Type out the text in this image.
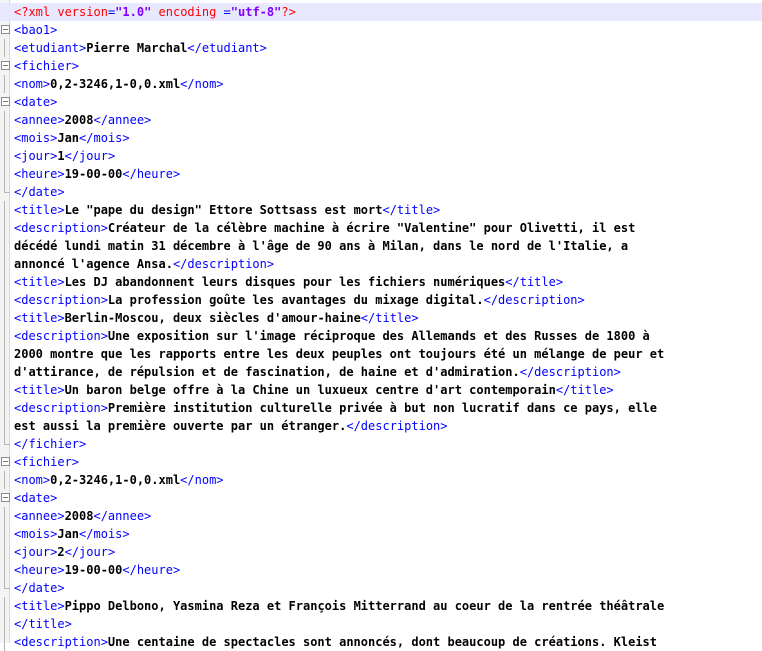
<?xml version="1.0" encoding ="utf-8"?>
− <bao1>
<etudiant>Pierre Marchal</etudiant>
− <fichier>
<nom>0,2-3246,1-0,0.xml</nom>
− <date>
<annee>2008</annee>
<mois>Jan</mois>
<jour>1</jour>
<heure>19-00-00</heure>
</date>
<title>Le "pape du design" Ettore Sottsass est mort</title>
<description>Créateur de la célèbre machine à écrire "Valentine" pour Olivetti, il est
décédé lundi matin 31 décembre à l'âge de 90 ans à Milan, dans le nord de l'Italie, a
annoncé l'agence Ansa.</description>
<title>Les DJ abandonnent leurs disques pour les fichiers numériques</title>
<description>La profession goûte les avantages du mixage digital.</description>
<title>Berlin-Moscou, deux siècles d'amour-haine</title>
<description>Une exposition sur l'image réciproque des Allemands et des Russes de 1800 à
2000 montre que les rapports entre les deux peuples ont toujours été un mélange de peur et
d'attirance, de répulsion et de fascination, de haine et d'admiration.</description>
<title>Un baron belge offre à la Chine un luxueux centre d'art contemporain</title>
<description>Première institution culturelle privée à but non lucratif dans ce pays, elle
est aussi la première ouverte par un étranger.</description>
</fichier>
− <fichier>
<nom>0,2-3246,1-0,0.xml</nom>
− <date>
<annee>2008</annee>
<mois>Jan</mois>
<jour>2</jour>
<heure>19-00-00</heure>
</date>
<title>Pippo Delbono, Yasmina Reza et François Mitterrand au coeur de la rentrée théâtrale
</title>
<description>Une centaine de spectacles sont annoncés, dont beaucoup de créations. Kleist
